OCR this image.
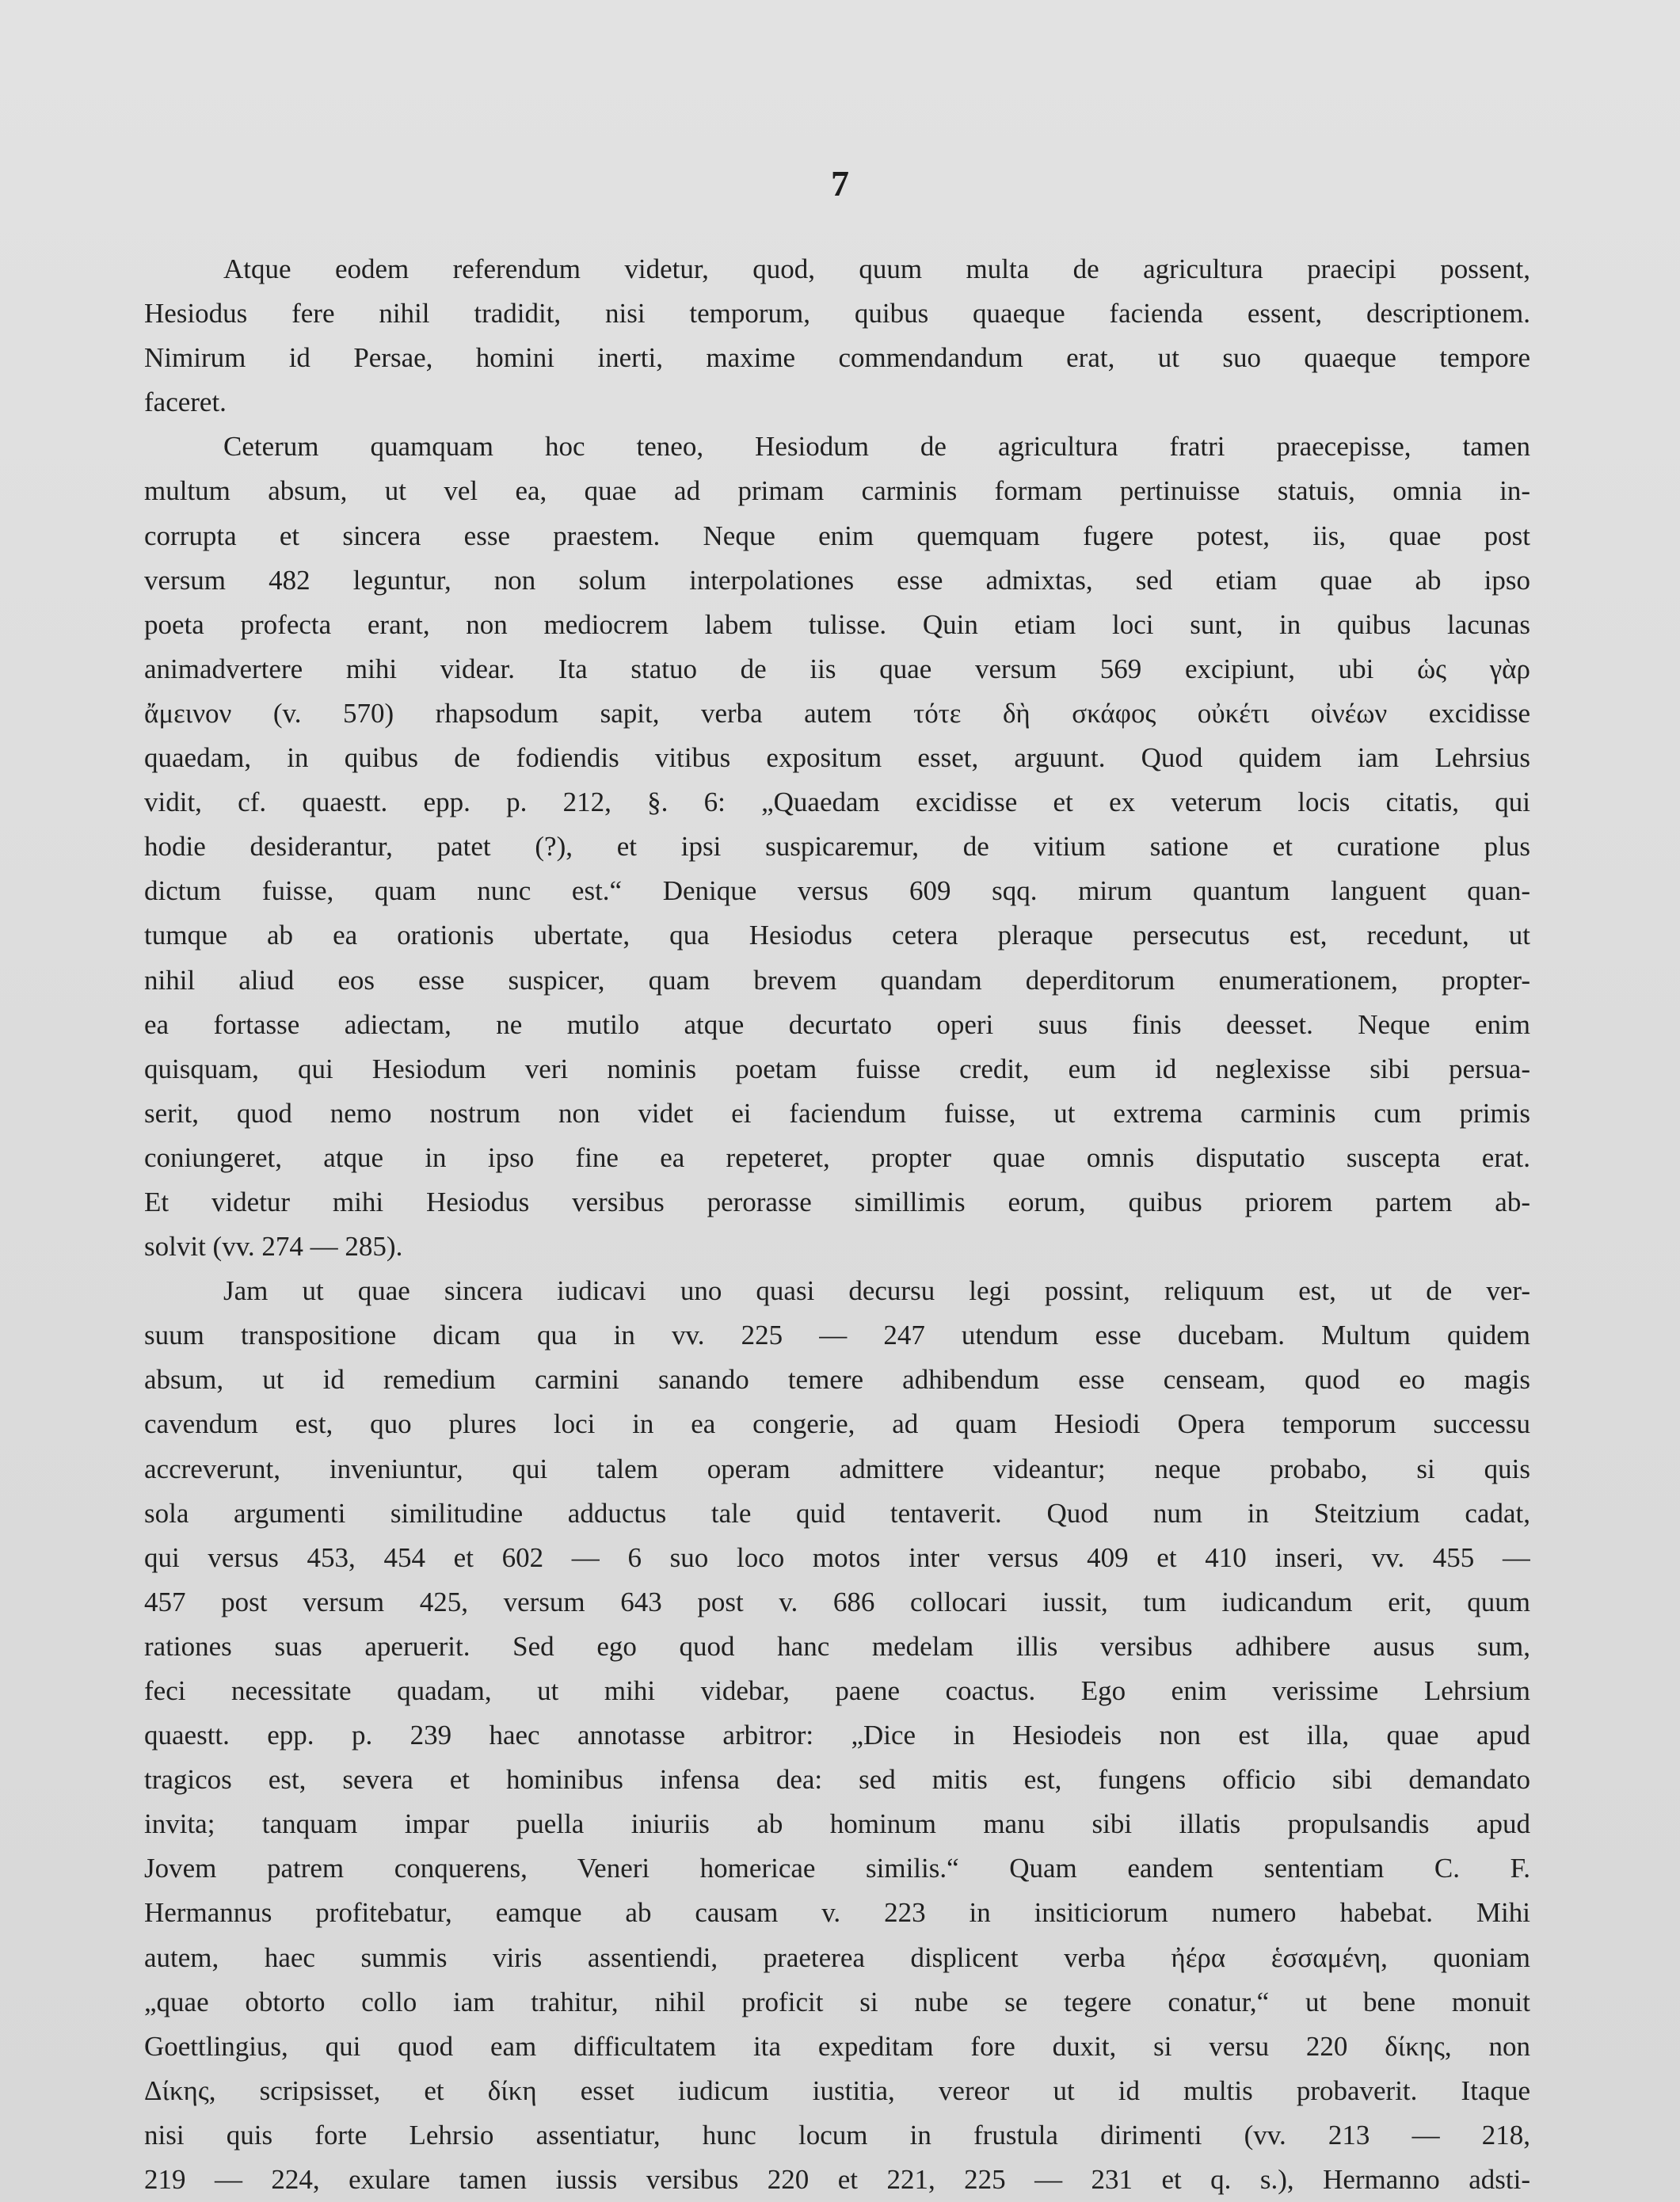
7
Atque eodem referendum videtur, quod, quum multa de agricultura praecipi possent,
Hesiodus fere nihil tradidit, nisi temporum, quibus quaeque facienda essent, descriptionem.
Nimirum id Persae, homini inerti, maxime commendandum erat, ut suo quaeque tempore
faceret.
Ceterum quamquam hoc teneo, Hesiodum de agricultura fratri praecepisse, tamen
multum absum, ut vel ea, quae ad primam carminis formam pertinuisse statuis, omnia in-
corrupta et sincera esse praestem. Neque enim quemquam fugere potest, iis, quae post
versum 482 leguntur, non solum interpolationes esse admixtas, sed etiam quae ab ipso
poeta profecta erant, non mediocrem labem tulisse. Quin etiam loci sunt, in quibus lacunas
animadvertere mihi videar. Ita statuo de iis quae versum 569 excipiunt, ubi ὡς γὰρ
ἄμεινον (v. 570) rhapsodum sapit, verba autem τότε δὴ σκάφος οὐκέτι οἰνέων excidisse
quaedam, in quibus de fodiendis vitibus expositum esset, arguunt. Quod quidem iam Lehrsius
vidit, cf. quaestt. epp. p. 212, §. 6: „Quaedam excidisse et ex veterum locis citatis, qui
hodie desiderantur, patet (?), et ipsi suspicaremur, de vitium satione et curatione plus
dictum fuisse, quam nunc est.“ Denique versus 609 sqq. mirum quantum languent quan-
tumque ab ea orationis ubertate, qua Hesiodus cetera pleraque persecutus est, recedunt, ut
nihil aliud eos esse suspicer, quam brevem quandam deperditorum enumerationem, propter-
ea fortasse adiectam, ne mutilo atque decurtato operi suus finis deesset. Neque enim
quisquam, qui Hesiodum veri nominis poetam fuisse credit, eum id neglexisse sibi persua-
serit, quod nemo nostrum non videt ei faciendum fuisse, ut extrema carminis cum primis
coniungeret, atque in ipso fine ea repeteret, propter quae omnis disputatio suscepta erat.
Et videtur mihi Hesiodus versibus perorasse simillimis eorum, quibus priorem partem ab-
solvit (vv. 274 — 285).
Jam ut quae sincera iudicavi uno quasi decursu legi possint, reliquum est, ut de ver-
suum transpositione dicam qua in vv. 225 — 247 utendum esse ducebam. Multum quidem
absum, ut id remedium carmini sanando temere adhibendum esse censeam, quod eo magis
cavendum est, quo plures loci in ea congerie, ad quam Hesiodi Opera temporum successu
accreverunt, inveniuntur, qui talem operam admittere videantur; neque probabo, si quis
sola argumenti similitudine adductus tale quid tentaverit. Quod num in Steitzium cadat,
qui versus 453, 454 et 602 — 6 suo loco motos inter versus 409 et 410 inseri, vv. 455 —
457 post versum 425, versum 643 post v. 686 collocari iussit, tum iudicandum erit, quum
rationes suas aperuerit. Sed ego quod hanc medelam illis versibus adhibere ausus sum,
feci necessitate quadam, ut mihi videbar, paene coactus. Ego enim verissime Lehrsium
quaestt. epp. p. 239 haec annotasse arbitror: „Dice in Hesiodeis non est illa, quae apud
tragicos est, severa et hominibus infensa dea: sed mitis est, fungens officio sibi demandato
invita; tanquam impar puella iniuriis ab hominum manu sibi illatis propulsandis apud
Jovem patrem conquerens, Veneri homericae similis.“ Quam eandem sententiam C. F.
Hermannus profitebatur, eamque ab causam v. 223 in insiticiorum numero habebat. Mihi
autem, haec summis viris assentiendi, praeterea displicent verba ἠέρα ἑσσαμένη, quoniam
„quae obtorto collo iam trahitur, nihil proficit si nube se tegere conatur,“ ut bene monuit
Goettlingius, qui quod eam difficultatem ita expeditam fore duxit, si versu 220 δίκης, non
Δίκης, scripsisset, et δίκη esset iudicum iustitia, vereor ut id multis probaverit. Itaque
nisi quis forte Lehrsio assentiatur, hunc locum in frustula dirimenti (vv. 213 — 218,
219 — 224, exulare tamen iussis versibus 220 et 221, 225 — 231 et q. s.), Hermanno adsti-
